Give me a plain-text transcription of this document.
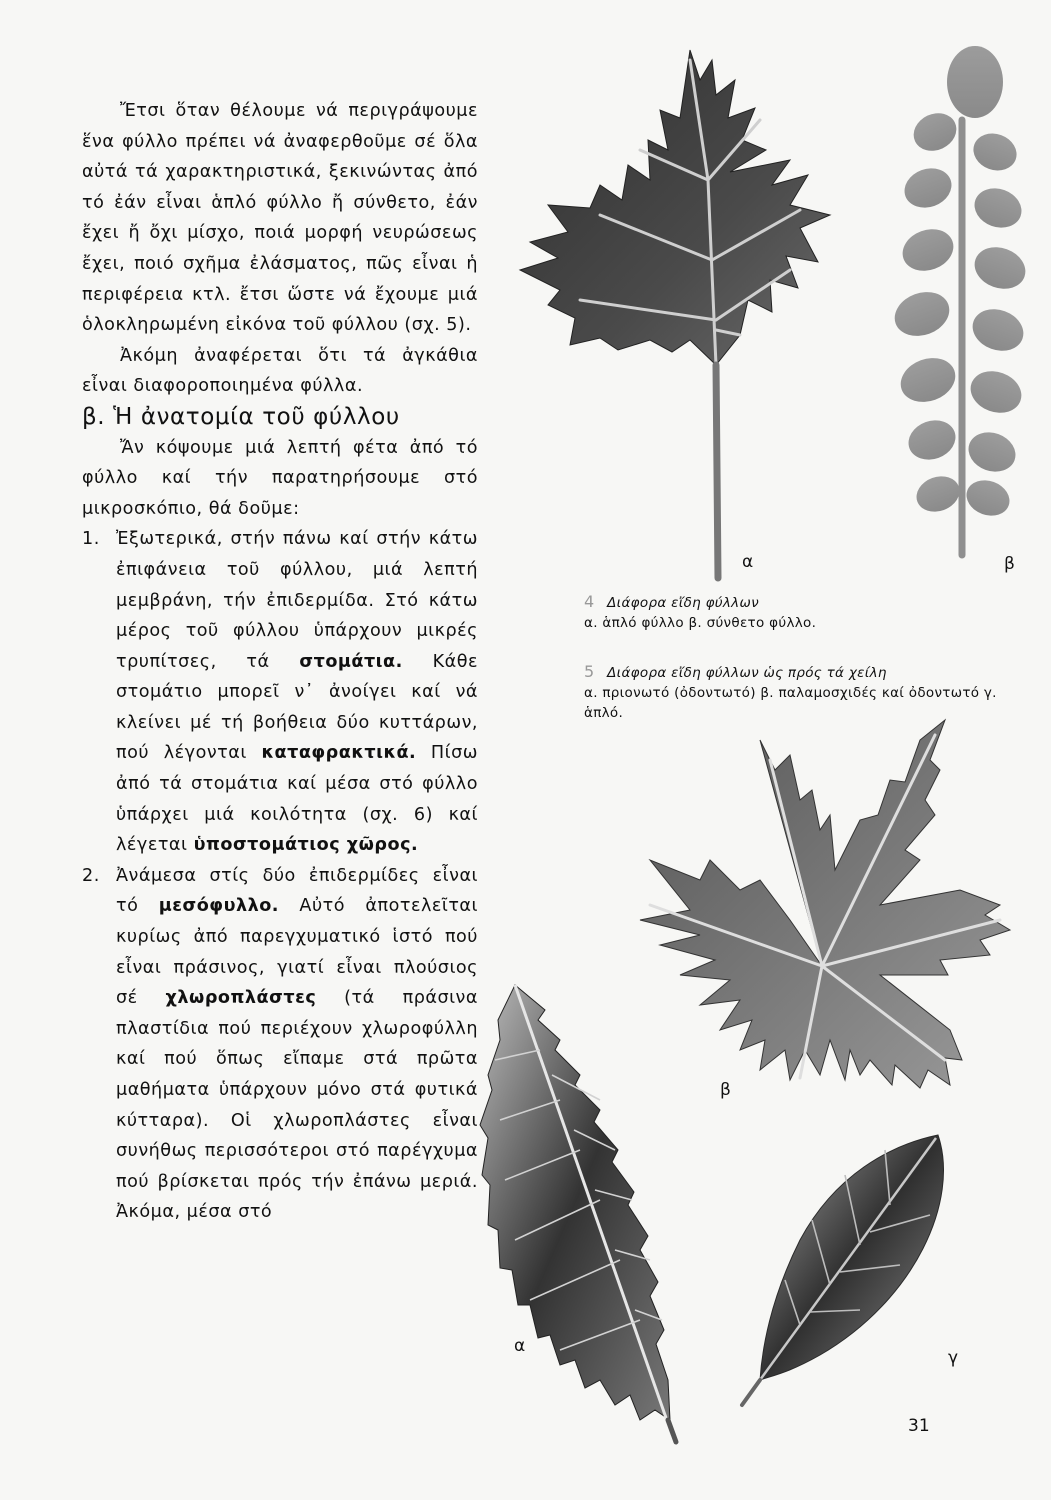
Ἔτσι ὅταν θέλουμε νά περιγράψουμε ἕνα φύλλο πρέπει νά ἀναφερθοῦμε σέ ὅλα αὐτά τά χαρακτηριστικά, ξεκινώντας ἀπό τό ἐάν εἶναι ἁπλό φύλλο ἤ σύνθετο, ἐάν ἔχει ἤ ὄχι μίσχο, ποιά μορφή νευρώσεως ἔχει, ποιό σχῆμα ἐλάσματος, πῶς εἶναι ἡ περιφέρεια κτλ. ἔτσι ὥστε νά ἔχουμε μιά ὁλοκληρωμένη εἰκόνα τοῦ φύλλου (σχ. 5).

Ἀκόμη ἀναφέρεται ὅτι τά ἀγκάθια εἶναι διαφοροποιημένα φύλλα.

β. Ἡ ἀνατομία τοῦ φύλλου

Ἄν κόψουμε μιά λεπτή φέτα ἀπό τό φύλλο καί τήν παρατηρήσουμε στό μικροσκόπιο, θά δοῦμε:

1. Ἐξωτερικά, στήν πάνω καί στήν κάτω ἐπιφάνεια τοῦ φύλλου, μιά λεπτή μεμβράνη, τήν ἐπιδερμίδα. Στό κάτω μέρος τοῦ φύλλου ὑπάρχουν μικρές τρυπίτσες, τά στομάτια. Κάθε στομάτιο μπορεῖ ν᾽ ἀνοίγει καί νά κλείνει μέ τή βοήθεια δύο κυττάρων, πού λέγονται καταφρακτικά. Πίσω ἀπό τά στομάτια καί μέσα στό φύλλο ὑπάρχει μιά κοιλότητα (σχ. 6) καί λέγεται ὑποστομάτιος χῶρος.
2. Ἀνάμεσα στίς δύο ἐπιδερμίδες εἶναι τό μεσόφυλλο. Αὐτό ἀποτελεῖται κυρίως ἀπό παρεγχυματικό ἱστό πού εἶναι πράσινος, γιατί εἶναι πλούσιος σέ χλωροπλάστες (τά πράσινα πλαστίδια πού περιέχουν χλωροφύλλη καί πού ὅπως εἴπαμε στά πρῶτα μαθήματα ὑπάρχουν μόνο στά φυτικά κύτταρα). Οἱ χλωροπλάστες εἶναι συνήθως περισσότεροι στό παρέγχυμα πού βρίσκεται πρός τήν ἐπάνω μεριά. Ἀκόμα, μέσα στό
α	β
4 Διάφορα εἴδη φύλλων
α. ἁπλό φύλλο β. σύνθετο φύλλο.
5 Διάφορα εἴδη φύλλων ὡς πρός τά χείλη
α. πριονωτό (ὀδοντωτό) β. παλαμοσχιδές καί ὀδοντωτό γ. ἁπλό.
β
α
γ
31
